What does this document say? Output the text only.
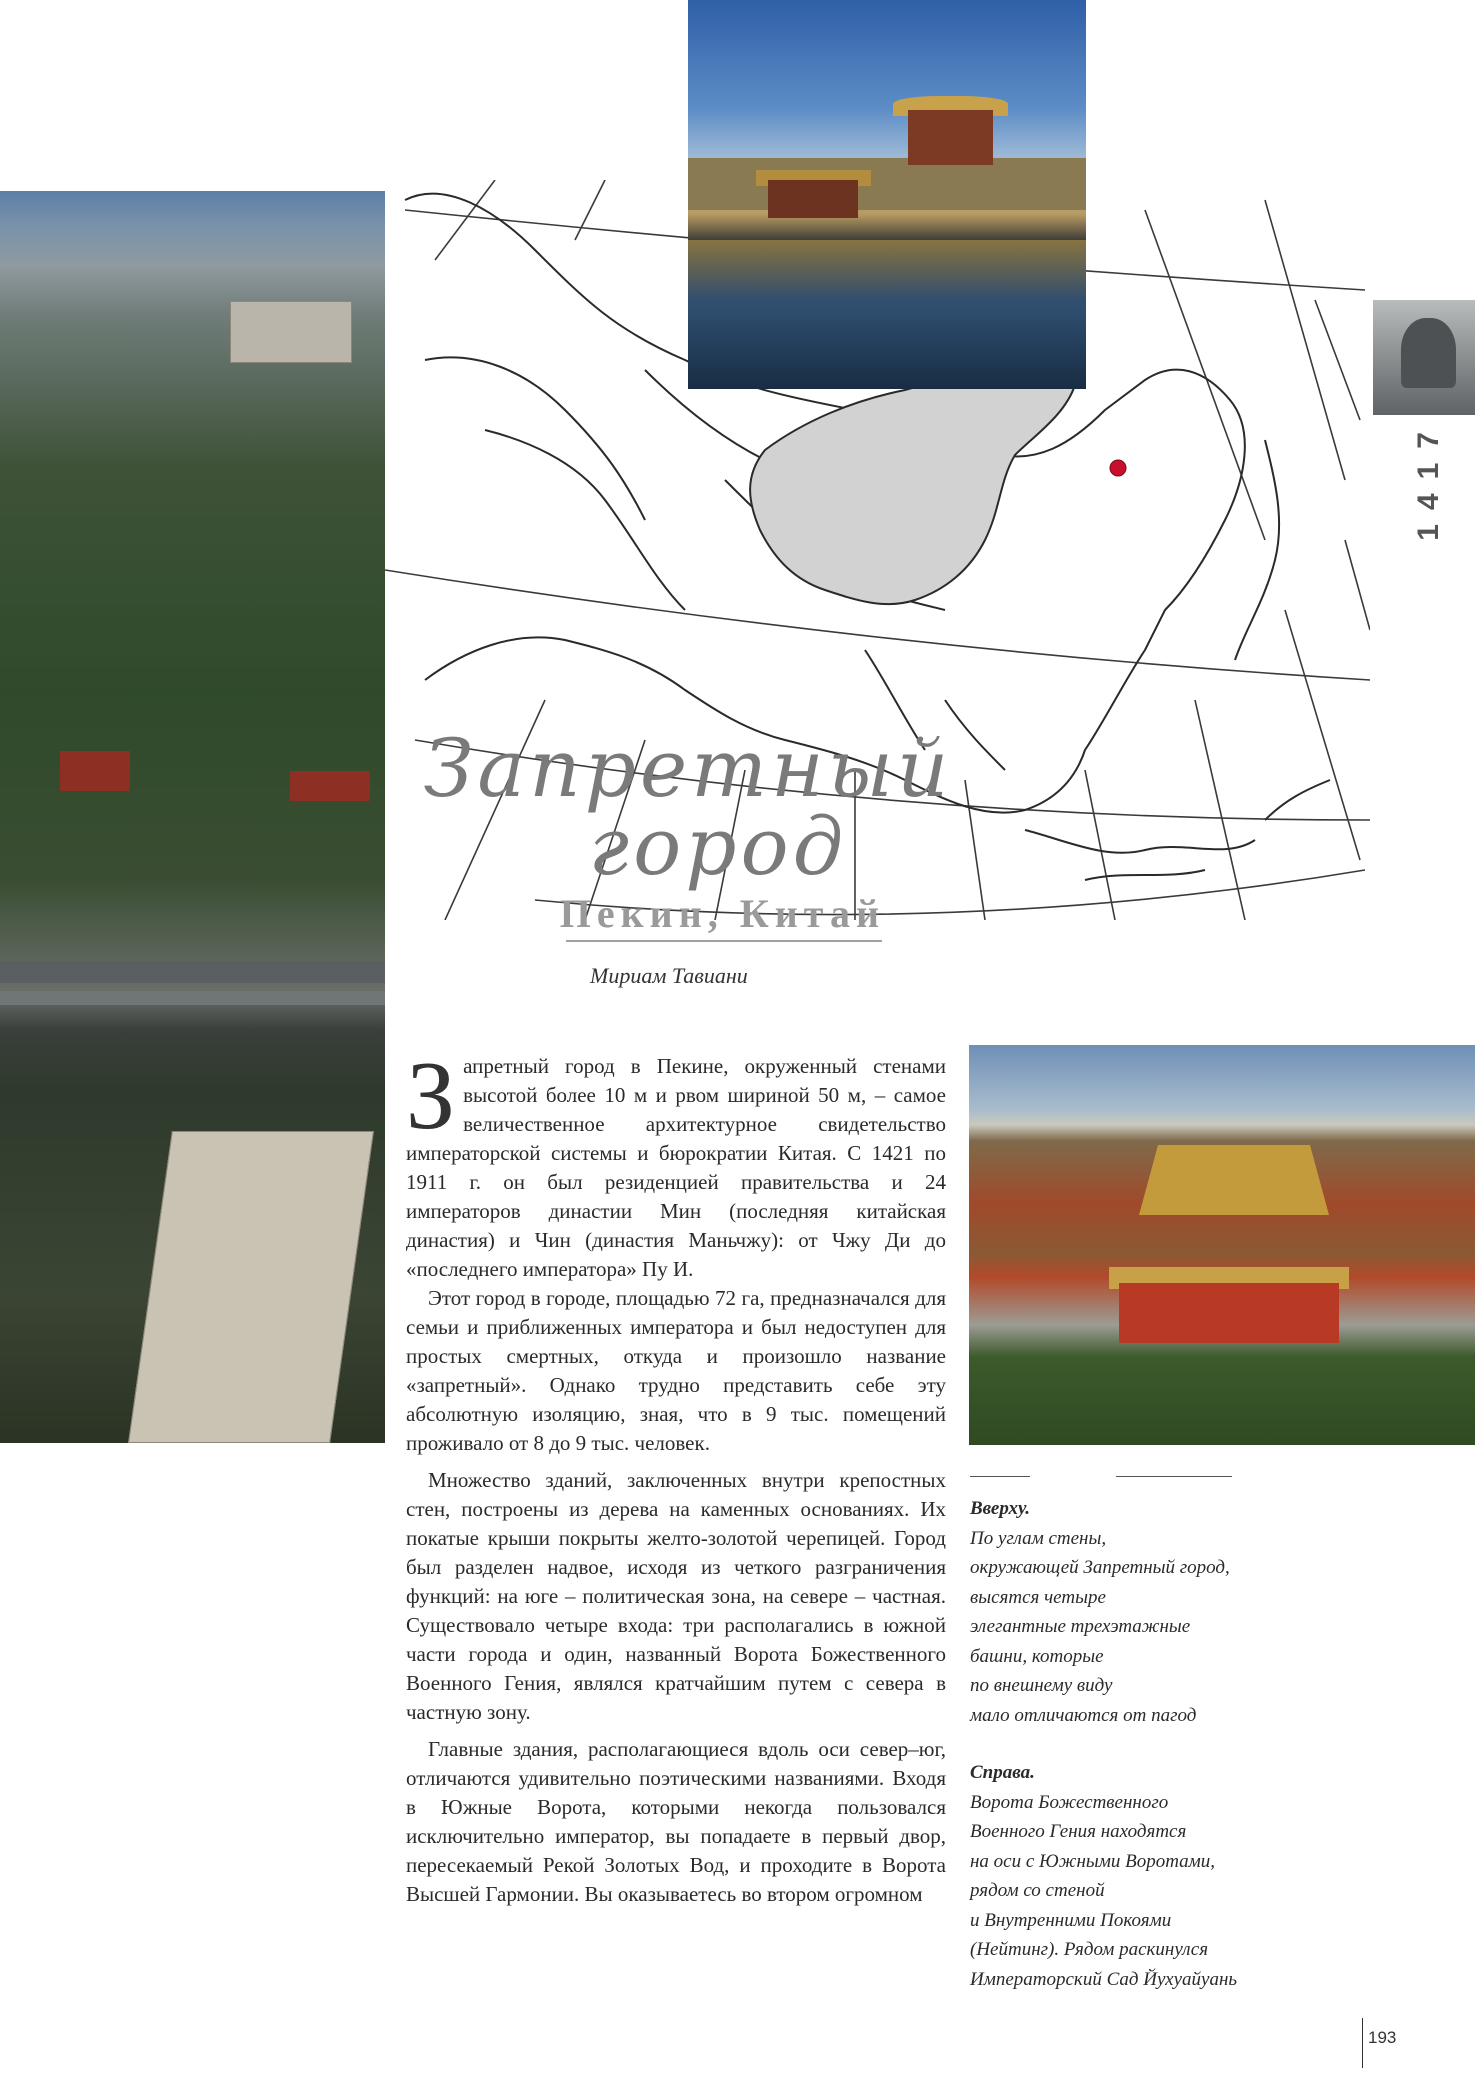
1417
Запретный
город
Пекин, Китай
Мириам Тавиани

Запретный город в Пекине, окруженный стенами высотой более 10 м и рвом шириной 50 м, – самое величественное архитектурное свидетельство императорской системы и бюрократии Китая. С 1421 по 1911 г. он был резиденцией правительства и 24 императоров династии Мин (последняя китайская династия) и Чин (династия Маньчжу): от Чжу Ди до «последнего императора» Пу И.

Этот город в городе, площадью 72 га, предназначался для семьи и приближенных императора и был недоступен для простых смертных, откуда и произошло название «запретный». Однако трудно представить себе эту абсолютную изоляцию, зная, что в 9 тыс. помещений проживало от 8 до 9 тыс. человек.

Множество зданий, заключенных внутри крепостных стен, построены из дерева на каменных основаниях. Их покатые крыши покрыты желто-золотой черепицей. Город был разделен надвое, исходя из четкого разграничения функций: на юге – политическая зона, на севере – частная. Существовало четыре входа: три располагались в южной части города и один, названный Ворота Божественного Военного Гения, являлся кратчайшим путем с севера в частную зону.

Главные здания, располагающиеся вдоль оси север–юг, отличаются удивительно поэтическими названиями. Входя в Южные Ворота, которыми некогда пользовался исключительно император, вы попадаете в первый двор, пересекаемый Рекой Золотых Вод, и проходите в Ворота Высшей Гармонии. Вы оказываетесь во втором огромном

Вверху.
По углам стены,
окружающей Запретный город,
высятся четыре
элегантные трехэтажные
башни, которые
по внешнему виду
мало отличаются от пагод
Справа.
Ворота Божественного
Военного Гения находятся
на оси с Южными Воротами,
рядом со стеной
и Внутренними Покоями
(Нейтинг). Рядом раскинулся
Императорский Сад Йухуайуань
193
